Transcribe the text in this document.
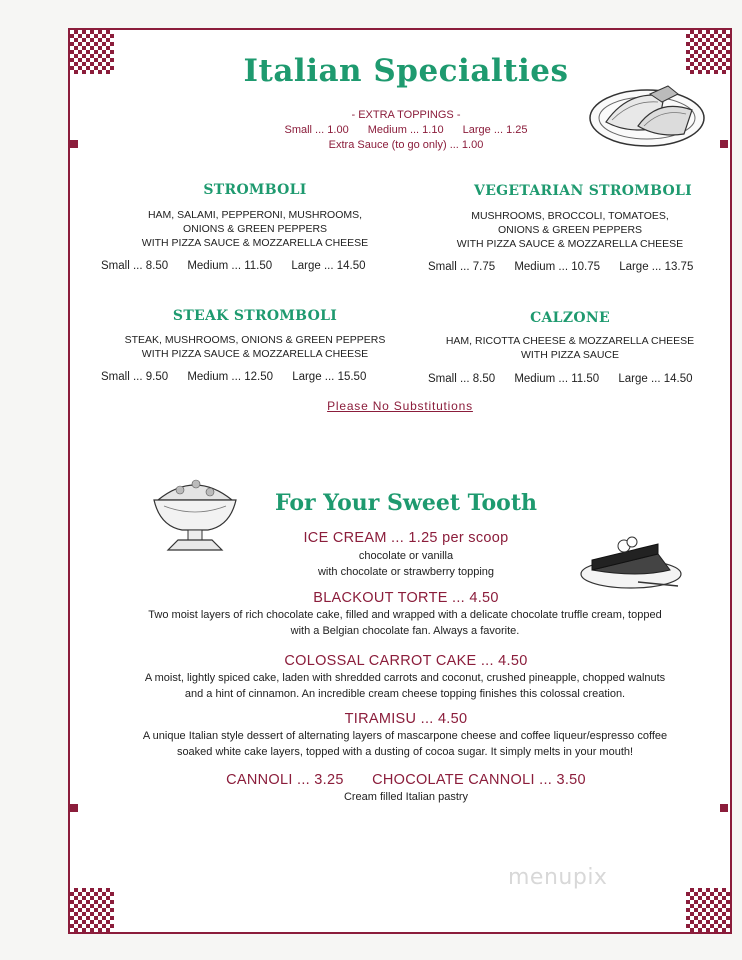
Italian Specialties
- EXTRA TOPPINGS -
Small ... 1.00 Medium ... 1.10 Large ... 1.25
Extra Sauce (to go only) ... 1.00
STROMBOLI
HAM, SALAMI, PEPPERONI, MUSHROOMS,
ONIONS & GREEN PEPPERS
WITH PIZZA SAUCE & MOZZARELLA CHEESE
Small ... 8.50 Medium ... 11.50 Large ... 14.50
VEGETARIAN STROMBOLI
MUSHROOMS, BROCCOLI, TOMATOES,
ONIONS & GREEN PEPPERS
WITH PIZZA SAUCE & MOZZARELLA CHEESE
Small ... 7.75 Medium ... 10.75 Large ... 13.75
STEAK STROMBOLI
STEAK, MUSHROOMS, ONIONS & GREEN PEPPERS
WITH PIZZA SAUCE & MOZZARELLA CHEESE
Small ... 9.50 Medium ... 12.50 Large ... 15.50
CALZONE
HAM, RICOTTA CHEESE & MOZZARELLA CHEESE
WITH PIZZA SAUCE
Small ... 8.50 Medium ... 11.50 Large ... 14.50
Please No Substitutions
For Your Sweet Tooth
ICE CREAM ... 1.25 per scoop
chocolate or vanilla
with chocolate or strawberry topping
BLACKOUT TORTE ... 4.50
Two moist layers of rich chocolate cake, filled and wrapped with a delicate chocolate truffle cream, topped
with a Belgian chocolate fan. Always a favorite.
COLOSSAL CARROT CAKE ... 4.50
A moist, lightly spiced cake, laden with shredded carrots and coconut, crushed pineapple, chopped walnuts
and a hint of cinnamon. An incredible cream cheese topping finishes this colossal creation.
TIRAMISU ... 4.50
A unique Italian style dessert of alternating layers of mascarpone cheese and coffee liqueur/espresso coffee
soaked white cake layers, topped with a dusting of cocoa sugar. It simply melts in your mouth!
CANNOLI ... 3.25 CHOCOLATE CANNOLI ... 3.50
Cream filled Italian pastry
menupix
